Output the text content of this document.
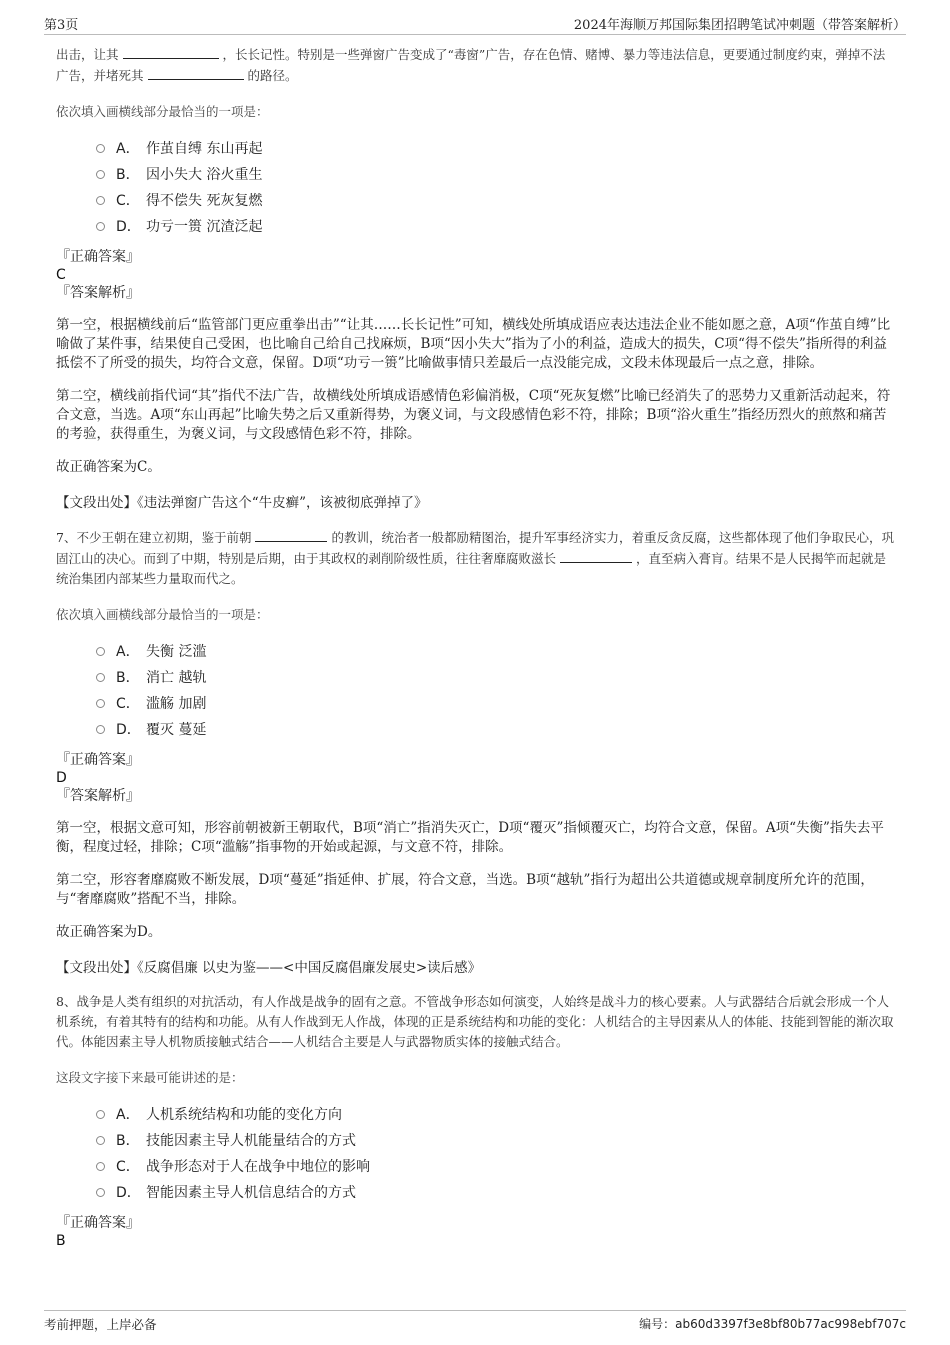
第3页	2024年海顺万邦国际集团招聘笔试冲刺题（带答案解析）

出击，让其	，长长记性。特别是一些弹窗广告变成了“毒窗”广告，存在色情、赌博、暴力等违法信息，更要通过制度约束，弹掉不法广告，并堵死其	的路径。

依次填入画横线部分最恰当的一项是：
A． 作茧自缚 东山再起
B． 因小失大 浴火重生
C． 得不偿失 死灰复燃
D． 功亏一篑 沉渣泛起
『正确答案』
C
『答案解析』

第一空，根据横线前后“监管部门更应重拳出击”“让其……长长记性”可知，横线处所填成语应表达违法企业不能如愿之意，A项“作茧自缚”比喻做了某件事，结果使自己受困，也比喻自己给自己找麻烦，B项“因小失大”指为了小的利益，造成大的损失，C项“得不偿失”指所得的利益抵偿不了所受的损失，均符合文意，保留。D项“功亏一篑”比喻做事情只差最后一点没能完成，文段未体现最后一点之意，排除。

第二空，横线前指代词“其”指代不法广告，故横线处所填成语感情色彩偏消极，C项“死灰复燃”比喻已经消失了的恶势力又重新活动起来，符合文意，当选。A项“东山再起”比喻失势之后又重新得势，为褒义词，与文段感情色彩不符，排除；B项“浴火重生”指经历烈火的煎熬和痛苦的考验，获得重生，为褒义词，与文段感情色彩不符，排除。

故正确答案为C。

【文段出处】《违法弹窗广告这个“牛皮癣”，该被彻底弹掉了》

7、不少王朝在建立初期，鉴于前朝	的教训，统治者一般都励精图治，提升军事经济实力，着重反贪反腐，这些都体现了他们争取民心，巩固江山的决心。而到了中期，特别是后期，由于其政权的剥削阶级性质，往往奢靡腐败滋长	，直至病入膏肓。结果不是人民揭竿而起就是统治集团内部某些力量取而代之。

依次填入画横线部分最恰当的一项是：
A． 失衡 泛滥
B． 消亡 越轨
C． 滥觞 加剧
D． 覆灭 蔓延
『正确答案』
D
『答案解析』

第一空，根据文意可知，形容前朝被新王朝取代，B项“消亡”指消失灭亡，D项“覆灭”指倾覆灭亡，均符合文意，保留。A项“失衡”指失去平衡，程度过轻，排除；C项“滥觞”指事物的开始或起源，与文意不符，排除。

第二空，形容奢靡腐败不断发展，D项“蔓延”指延伸、扩展，符合文意，当选。B项“越轨”指行为超出公共道德或规章制度所允许的范围，与“奢靡腐败”搭配不当，排除。

故正确答案为D。

【文段出处】《反腐倡廉 以史为鉴——<中国反腐倡廉发展史>读后感》

8、战争是人类有组织的对抗活动，有人作战是战争的固有之意。不管战争形态如何演变，人始终是战斗力的核心要素。人与武器结合后就会形成一个人机系统，有着其特有的结构和功能。从有人作战到无人作战，体现的正是系统结构和功能的变化：人机结合的主导因素从人的体能、技能到智能的渐次取代。体能因素主导人机物质接触式结合——人机结合主要是人与武器物质实体的接触式结合。

这段文字接下来最可能讲述的是：
A． 人机系统结构和功能的变化方向
B． 技能因素主导人机能量结合的方式
C． 战争形态对于人在战争中地位的影响
D． 智能因素主导人机信息结合的方式
『正确答案』
B
考前押题，上岸必备	编号：ab60d3397f3e8bf80b77ac998ebf707c
